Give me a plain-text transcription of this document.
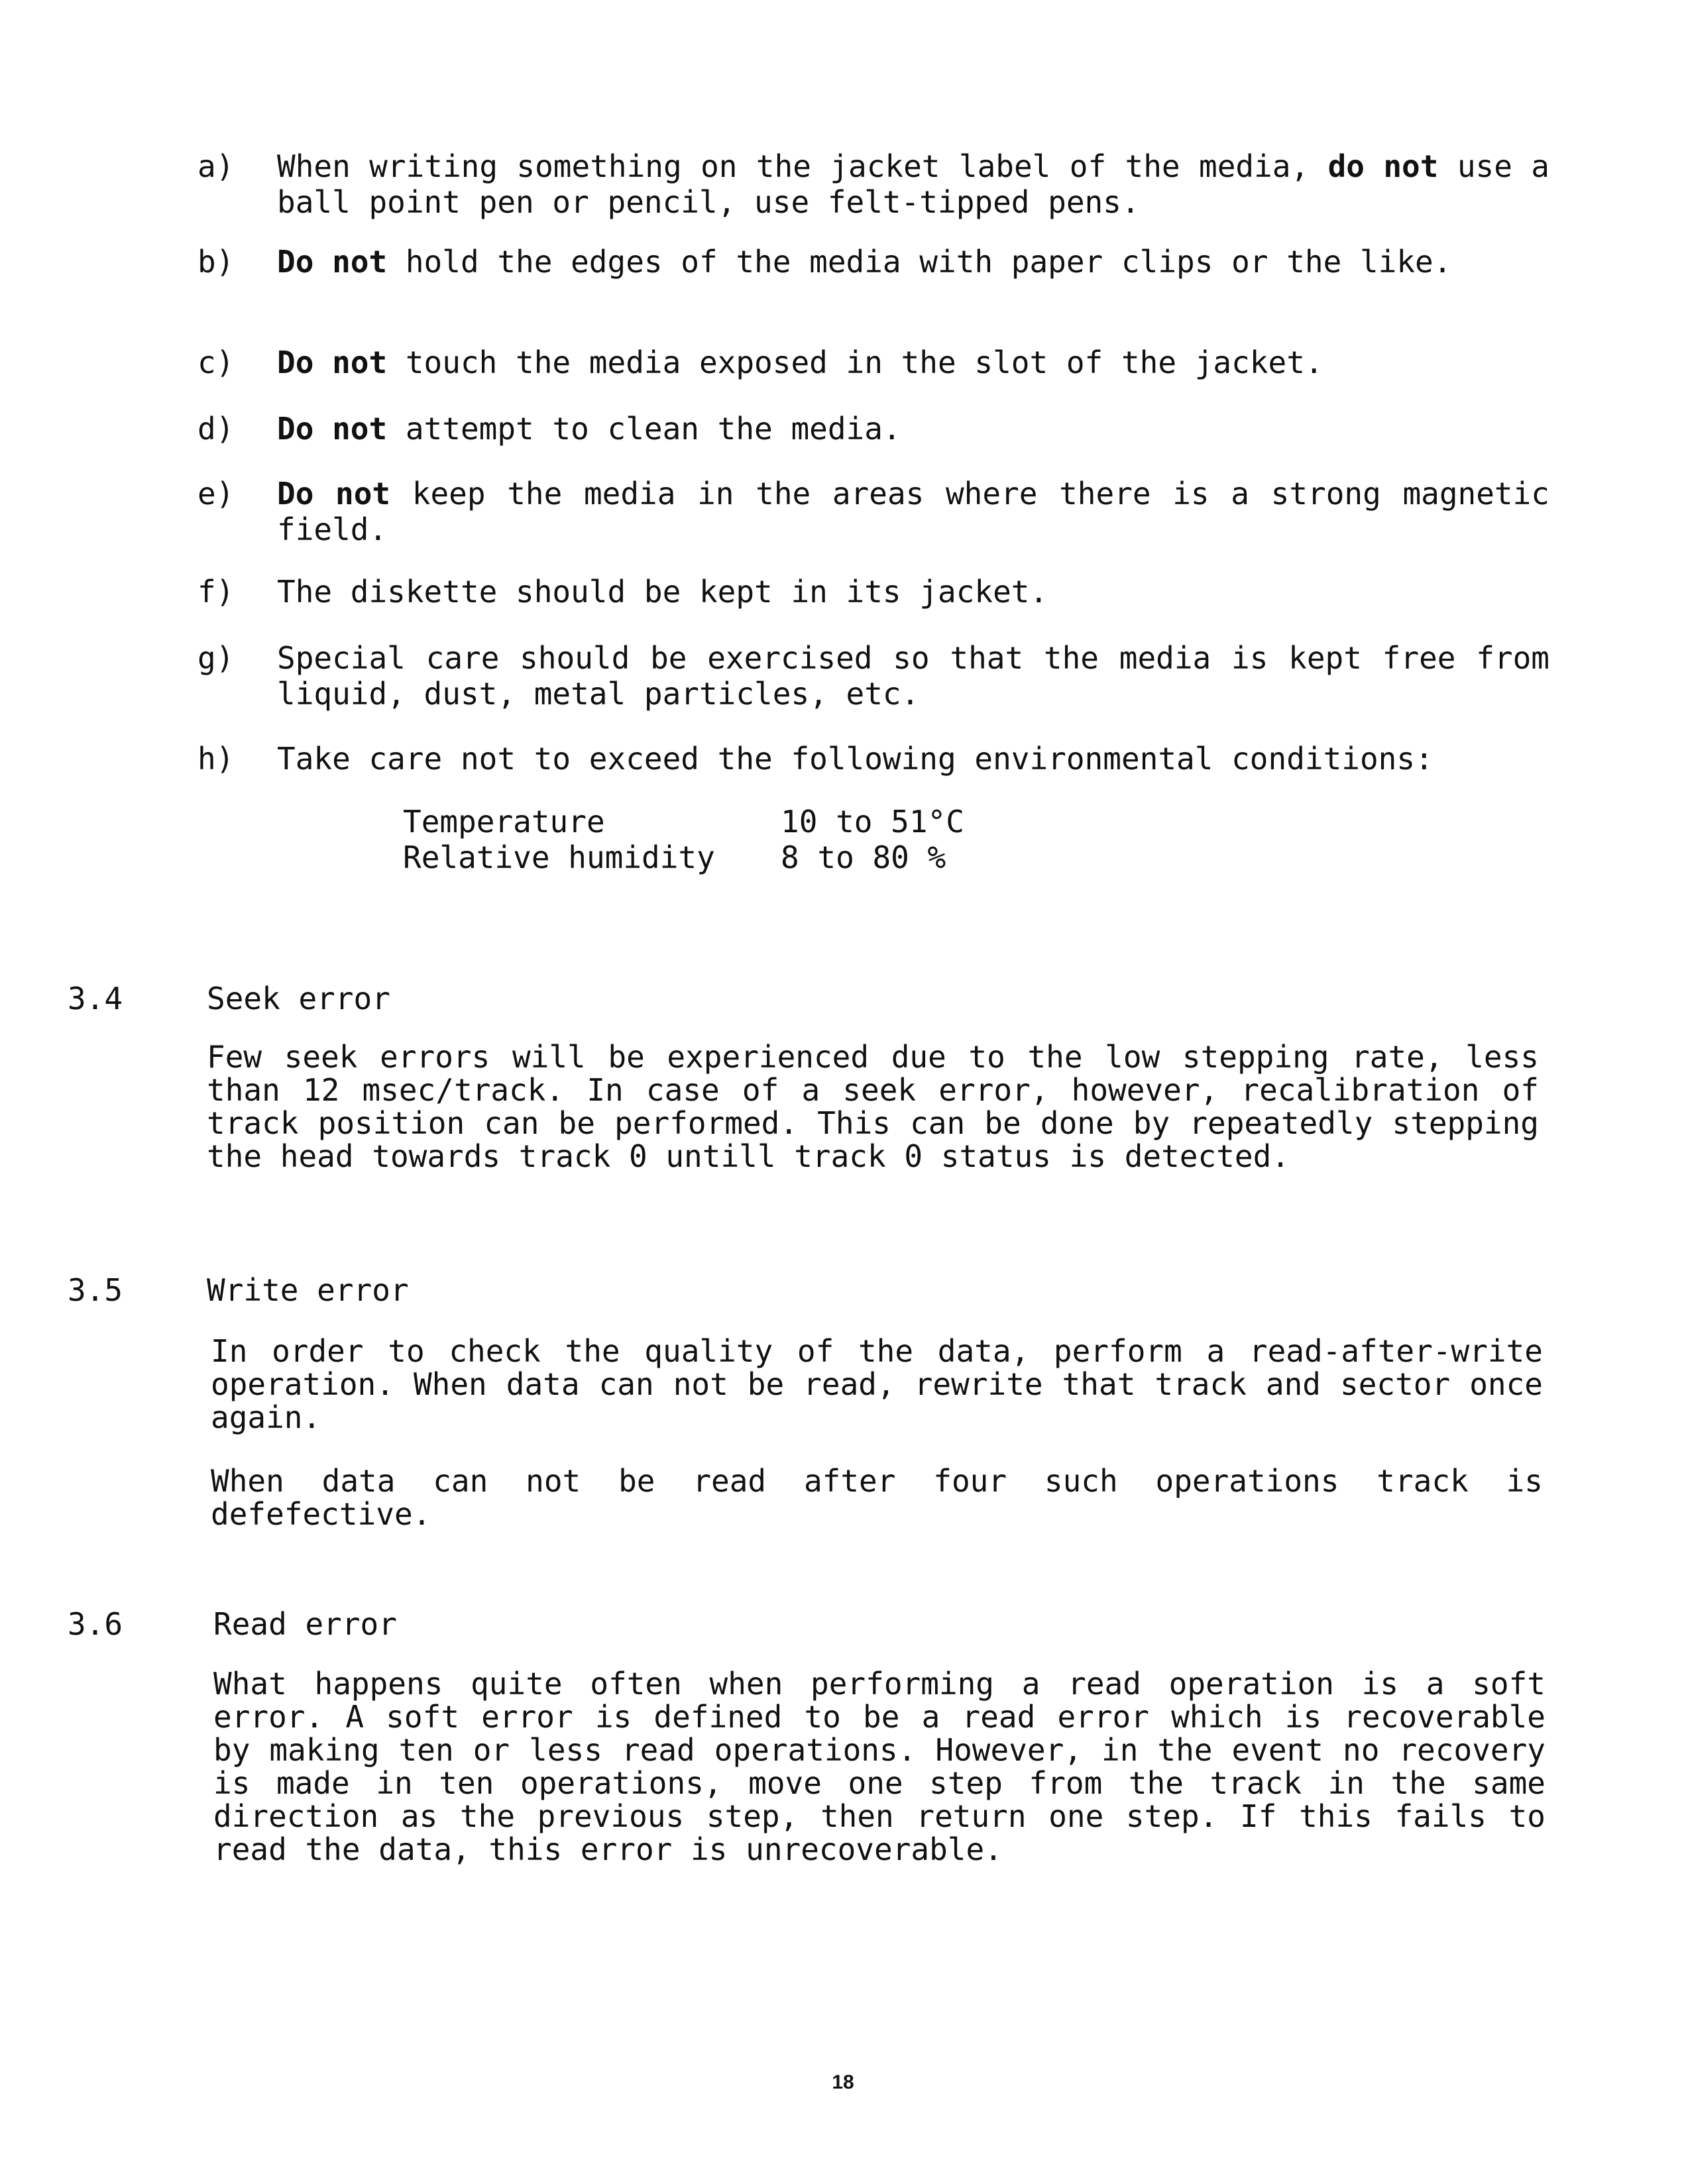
a)	When writing something on the jacket label of the media, do not use a ball point pen or pencil, use felt-tipped pens.
b)	Do not hold the edges of the media with paper clips or the like.
c)	Do not touch the media exposed in the slot of the jacket.
d)	Do not attempt to clean the media.
e)	Do not keep the media in the areas where there is a strong magnetic field.
f)	The diskette should be kept in its jacket.
g)	Special care should be exercised so that the media is kept free from liquid, dust, metal particles, etc.
h)	Take care not to exceed the following environmental conditions:
Temperature	10 to 51°C
Relative humidity	8 to 80 %
3.4	Seek error
Few seek errors will be experienced due to the low stepping rate, less than 12 msec/track. In case of a seek error, however, recalibration of track position can be performed. This can be done by repeatedly stepping the head towards track 0 untill track 0 status is detected.
3.5	Write error
In order to check the quality of the data, perform a read-after-write operation. When data can not be read, rewrite that track and sector once again.
When data can not be read after four such operations track is defefective.
3.6	Read error
What happens quite often when performing a read operation is a soft error. A soft error is defined to be a read error which is recoverable by making ten or less read operations. However, in the event no recovery is made in ten operations, move one step from the track in the same direction as the previous step, then return one step. If this fails to read the data, this error is unrecoverable.
18
